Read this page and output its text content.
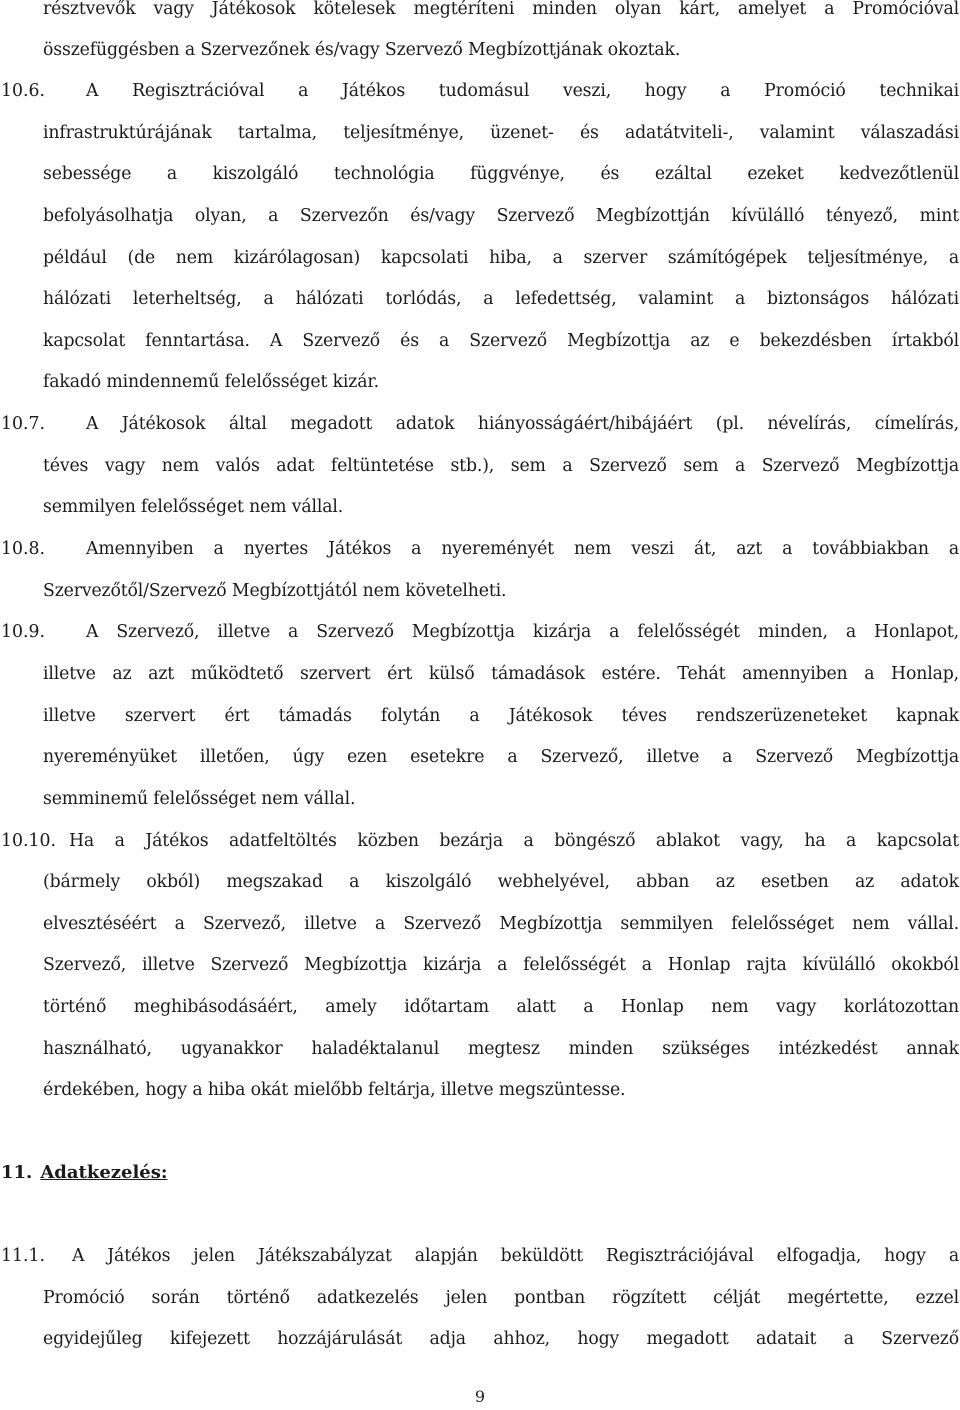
résztvevők vagy Játékosok kötelesek megtéríteni minden olyan kárt, amelyet a Promócióval
összefüggésben a Szervezőnek és/vagy Szervező Megbízottjának okoztak.
10.6. A Regisztrációval a Játékos tudomásul veszi, hogy a Promóció technikai
infrastruktúrájának tartalma, teljesítménye, üzenet- és adatátviteli-, valamint válaszadási
sebessége a kiszolgáló technológia függvénye, és ezáltal ezeket kedvezőtlenül
befolyásolhatja olyan, a Szervezőn és/vagy Szervező Megbízottján kívülálló tényező, mint
például (de nem kizárólagosan) kapcsolati hiba, a szerver számítógépek teljesítménye, a
hálózati leterheltség, a hálózati torlódás, a lefedettség, valamint a biztonságos hálózati
kapcsolat fenntartása. A Szervező és a Szervező Megbízottja az e bekezdésben írtakból
fakadó mindennemű felelősséget kizár.
10.7. A Játékosok által megadott adatok hiányosságáért/hibájáért (pl. névelírás, címelírás,
téves vagy nem valós adat feltüntetése stb.), sem a Szervező sem a Szervező Megbízottja
semmilyen felelősséget nem vállal.
10.8. Amennyiben a nyertes Játékos a nyereményét nem veszi át, azt a továbbiakban a
Szervezőtől/Szervező Megbízottjától nem követelheti.
10.9. A Szervező, illetve a Szervező Megbízottja kizárja a felelősségét minden, a Honlapot,
illetve az azt működtető szervert ért külső támadások estére. Tehát amennyiben a Honlap,
illetve szervert ért támadás folytán a Játékosok téves rendszerüzeneteket kapnak
nyereményüket illetően, úgy ezen esetekre a Szervező, illetve a Szervező Megbízottja
semminemű felelősséget nem vállal.
10.10. Ha a Játékos adatfeltöltés közben bezárja a böngésző ablakot vagy, ha a kapcsolat
(bármely okból) megszakad a kiszolgáló webhelyével, abban az esetben az adatok
elvesztéséért a Szervező, illetve a Szervező Megbízottja semmilyen felelősséget nem vállal.
Szervező, illetve Szervező Megbízottja kizárja a felelősségét a Honlap rajta kívülálló okokból
történő meghibásodásáért, amely időtartam alatt a Honlap nem vagy korlátozottan
használható, ugyanakkor haladéktalanul megtesz minden szükséges intézkedést annak
érdekében, hogy a hiba okát mielőbb feltárja, illetve megszüntesse.
11. Adatkezelés:
11.1. A Játékos jelen Játékszabályzat alapján beküldött Regisztrációjával elfogadja, hogy a
Promóció során történő adatkezelés jelen pontban rögzített célját megértette, ezzel
egyidejűleg kifejezett hozzájárulását adja ahhoz, hogy megadott adatait a Szervező
9
